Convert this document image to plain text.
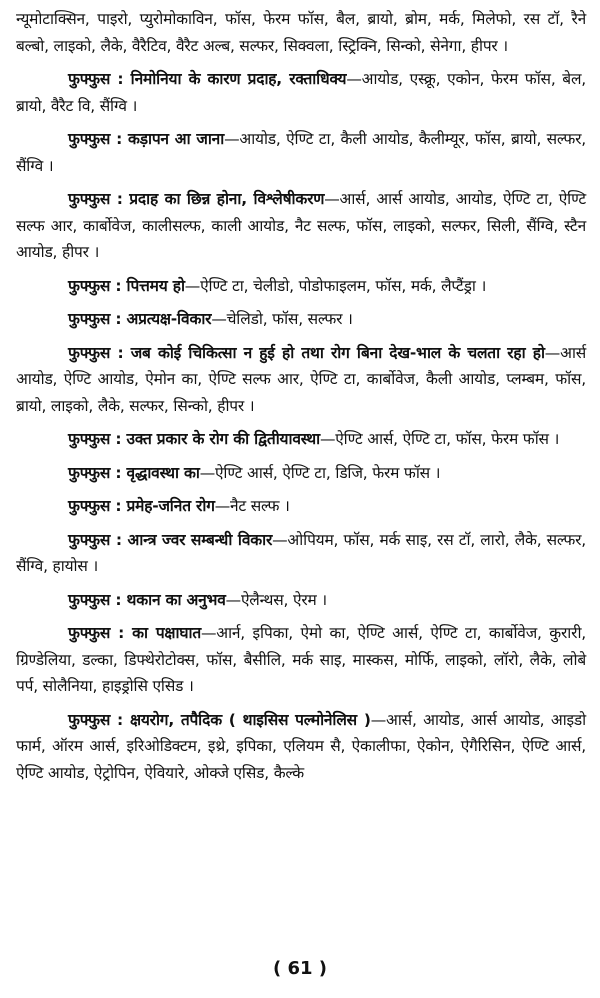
न्यूमोटाक्सिन, पाइरो, प्युरोमोकाविन, फॉस, फेरम फॉस, बैल, ब्रायो, ब्रोम, मर्क, मिलेफो, रस टॉ, रैने बल्बो, लाइको, लैके, वैरैटिव, वैरैट अल्ब, सल्फर, सिक्वला, स्ट्रिक्नि, सिन्को, सेनेगा, हीपर ।

फुफ्फुस : निमोनिया के कारण प्रदाह, रक्ताधिक्य—आयोड, एस्क्रू, एकोन, फेरम फॉस, बेल, ब्रायो, वैरैट वि, सैंग्वि ।

फुफ्फुस : कड़ापन आ जाना—आयोड, ऐण्टि टा, कैली आयोड, कैलीम्यूर, फॉस, ब्रायो, सल्फर, सैंग्वि ।

फुफ्फुस : प्रदाह का छिन्न होना, विश्लेषीकरण—आर्स, आर्स आयोड, आयोड, ऐण्टि टा, ऐण्टि सल्फ आर, कार्बोवेज, कालीसल्फ, काली आयोड, नैट सल्फ, फॉस, लाइको, सल्फर, सिली, सैंग्वि, स्टैन आयोड, हीपर ।

फुफ्फुस : पित्तमय हो—ऐण्टि टा, चेलीडो, पोडोफाइलम, फॉस, मर्क, लैप्टैंड्रा ।

फुफ्फुस : अप्रत्यक्ष-विकार—चेलिडो, फॉस, सल्फर ।

फुफ्फुस : जब कोई चिकित्सा न हुई हो तथा रोग बिना देख-भाल के चलता रहा हो—आर्स आयोड, ऐण्टि आयोड, ऐमोन का, ऐण्टि सल्फ आर, ऐण्टि टा, कार्बोवेज, कैली आयोड, प्लम्बम, फॉस, ब्रायो, लाइको, लैके, सल्फर, सिन्को, हीपर ।

फुफ्फुस : उक्त प्रकार के रोग की द्वितीयावस्था—ऐण्टि आर्स, ऐण्टि टा, फॉस, फेरम फॉस ।

फुफ्फुस : वृद्धावस्था का—ऐण्टि आर्स, ऐण्टि टा, डिजि, फेरम फॉस ।

फुफ्फुस : प्रमेह-जनित रोग—नैट सल्फ ।

फुफ्फुस : आन्त्र ज्वर सम्बन्धी विकार—ओपियम, फॉस, मर्क साइ, रस टॉ, लारो, लैके, सल्फर, सैंग्वि, हायोस ।

फुफ्फुस : थकान का अनुभव—ऐलैन्थस, ऐरम ।

फुफ्फुस : का पक्षाघात—आर्न, इपिका, ऐमो का, ऐण्टि आर्स, ऐण्टि टा, कार्बोवेज, कुरारी, ग्रिण्डेलिया, डल्का, डिफ्थेरोटोक्स, फॉस, बैसीलि, मर्क साइ, मास्कस, मोर्फि, लाइको, लॉरो, लैके, लोबे पर्प, सोलैनिया, हाइड्रोसि एसिड ।

फुफ्फुस : क्षयरोग, तपैदिक ( थाइसिस पल्मोनेलिस )—आर्स, आयोड, आर्स आयोड, आइडो फार्म, ऑरम आर्स, इरिओडिक्टम, इथ्रे, इपिका, एलियम सै, ऐकालीफा, ऐकोन, ऐगैरिसिन, ऐण्टि आर्स, ऐण्टि आयोड, ऐट्रोपिन, ऐवियारे, ओक्जे एसिड, कैल्के

( 61 )
